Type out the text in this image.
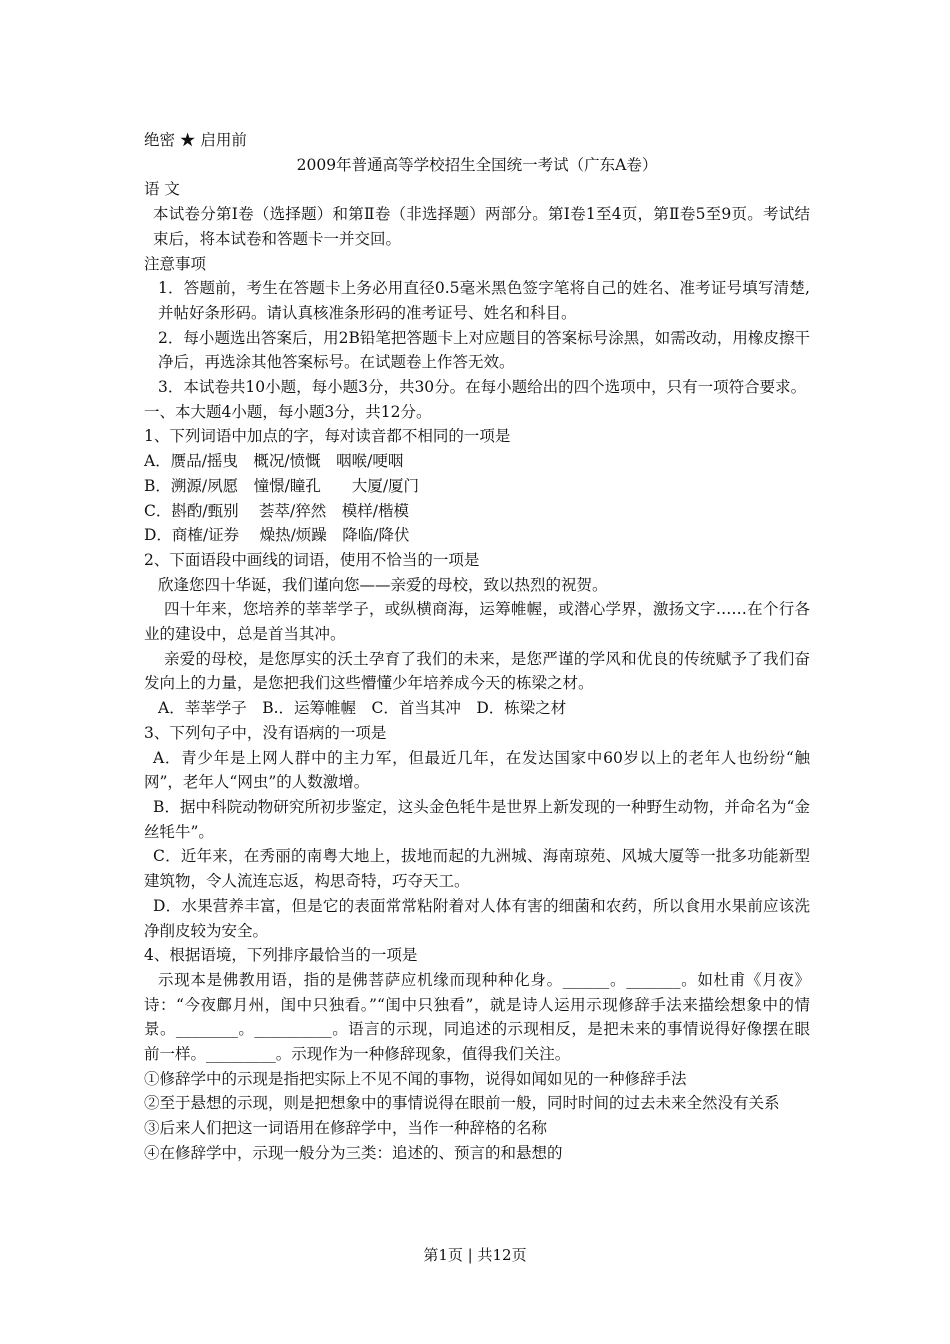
绝密 ★ 启用前
2009年普通高等学校招生全国统一考试（广东A卷）
语 文
本试卷分第Ⅰ卷（选择题）和第Ⅱ卷（非选择题）两部分。第Ⅰ卷1至4页，第Ⅱ卷5至9页。考试结束后，将本试卷和答题卡一并交回。
注意事项
1．答题前，考生在答题卡上务必用直径0.5毫米黑色签字笔将自己的姓名、准考证号填写清楚,并帖好条形码。请认真核准条形码的准考证号、姓名和科目。
2．每小题选出答案后，用2B铅笔把答题卡上对应题目的答案标号涂黑，如需改动，用橡皮擦干净后，再选涂其他答案标号。在试题卷上作答无效。
3．本试卷共10小题，每小题3分，共30分。在每小题给出的四个选项中，只有一项符合要求。
一、本大题4小题，每小题3分，共12分。
1、下列词语中加点的字，每对读音都不相同的一项是
A．赝品/摇曳　概况/愤慨　咽喉/哽咽
B．溯源/夙愿　憧憬/瞳孔　　大厦/厦门
C．斟酌/甄别　 荟萃/猝然　模样/楷模
D．商榷/证券　 燥热/烦躁　降临/降伏
2、下面语段中画线的词语，使用不恰当的一项是
欣逢您四十华诞，我们谨向您——亲爱的母校，致以热烈的祝贺。
四十年来，您培养的莘莘学子，或纵横商海，运筹帷幄，或潜心学界，激扬文字……在个行各业的建设中，总是首当其冲。
亲爱的母校，是您厚实的沃土孕育了我们的未来，是您严谨的学风和优良的传统赋予了我们奋发向上的力量，是您把我们这些懵懂少年培养成今天的栋梁之材。
A．莘莘学子　B.．运筹帷幄　C．首当其冲　D．栋梁之材
3、下列句子中，没有语病的一项是
A．青少年是上网人群中的主力军，但最近几年，在发达国家中60岁以上的老年人也纷纷“触网”，老年人“网虫”的人数激增。
B．据中科院动物研究所初步鉴定，这头金色牦牛是世界上新发现的一种野生动物，并命名为“金丝牦牛”。
C．近年来，在秀丽的南粤大地上，拔地而起的九洲城、海南琼苑、风城大厦等一批多功能新型建筑物，令人流连忘返，构思奇特，巧夺天工。
D．水果营养丰富，但是它的表面常常粘附着对人体有害的细菌和农药，所以食用水果前应该洗净削皮较为安全。
4、根据语境，下列排序最恰当的一项是
示现本是佛教用语，指的是佛菩萨应机缘而现种种化身。______。_______。如杜甫《月夜》诗：“今夜鄜月州，闺中只独看。”“闺中只独看”，就是诗人运用示现修辞手法来描绘想象中的情景。________。__________。语言的示现，同追述的示现相反，是把未来的事情说得好像摆在眼前一样。_________。示现作为一种修辞现象，值得我们关注。
①修辞学中的示现是指把实际上不见不闻的事物，说得如闻如见的一种修辞手法
②至于悬想的示现，则是把想象中的事情说得在眼前一般，同时时间的过去未来全然没有关系
③后来人们把这一词语用在修辞学中，当作一种辞格的名称
④在修辞学中，示现一般分为三类：追述的、预言的和悬想的
第1页 | 共12页
